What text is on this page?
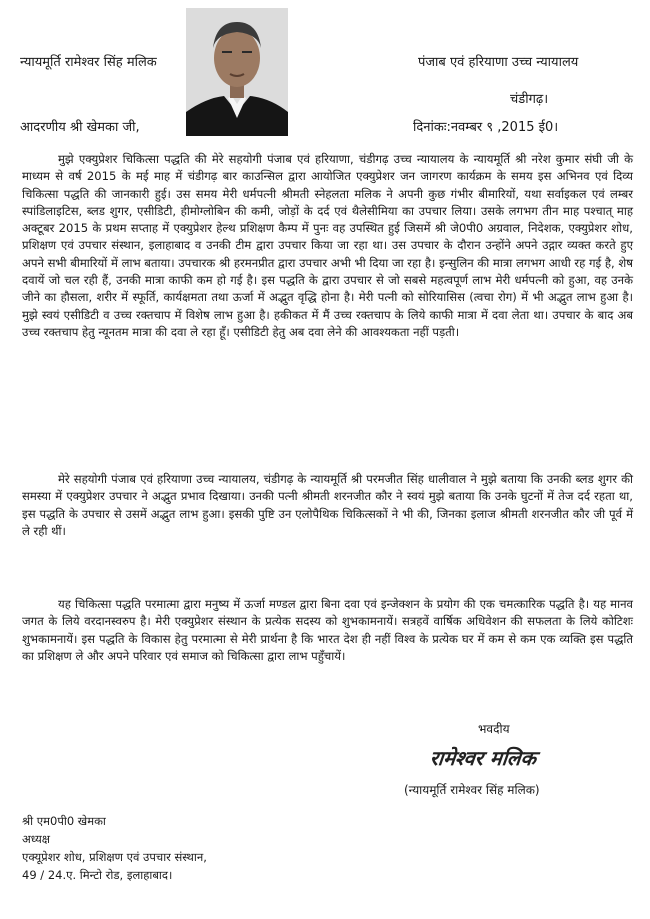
न्यायमूर्ति रामेश्वर सिंह मलिक	पंजाब एवं हरियाणा उच्च न्यायालय
चंडीगढ़।
आदरणीय श्री खेमका जी,	दिनांकः:नवम्बर ९ ,2015 ई0।
मुझे एक्युप्रेशर चिकित्सा पद्धति की मेरे सहयोगी पंजाब एवं हरियाणा, चंडीगढ़ उच्च न्यायालय के न्यायमूर्ति श्री नरेश कुमार संघी जी के माध्यम से वर्ष 2015 के मई माह में चंडीगढ़ बार काउन्सिल द्वारा आयोजित एक्युप्रेशर जन जागरण कार्यक्रम के समय इस अभिनव एवं दिव्य चिकित्सा पद्धति की जानकारी हुई। उस समय मेरी धर्मपत्नी श्रीमती स्नेहलता मलिक ने अपनी कुछ गंभीर बीमारियों, यथा सर्वाइकल एवं लम्बर स्पांडिलाइटिस, ब्लड शुगर, एसीडिटी, हीमोग्लोबिन की कमी, जोड़ों के दर्द एवं थैलेसीमिया का उपचार लिया। उसके लगभग तीन माह पश्चात् माह अक्टूबर 2015 के प्रथम सप्ताह में एक्युप्रेशर हेल्थ प्रशिक्षण कैम्प में पुनः वह उपस्थित हुई जिसमें श्री जे0पी0 अग्रवाल, निदेशक, एक्युप्रेशर शोध, प्रशिक्षण एवं उपचार संस्थान, इलाहाबाद व उनकी टीम द्वारा उपचार किया जा रहा था। उस उपचार के दौरान उन्होंने अपने उद्गार व्यक्त करते हुए अपने सभी बीमारियों में लाभ बताया। उपचारक श्री हरमनप्रीत द्वारा उपचार अभी भी दिया जा रहा है। इन्सुलिन की मात्रा लगभग आधी रह गई है, शेष दवायें जो चल रही हैं, उनकी मात्रा काफी कम हो गई है। इस पद्धति के द्वारा उपचार से जो सबसे महत्वपूर्ण लाभ मेरी धर्मपत्नी को हुआ, वह उनके जीने का हौसला, शरीर में स्फूर्ति, कार्यक्षमता तथा ऊर्जा में अद्भुत वृद्धि होना है। मेरी पत्नी को सोरियासिस (त्वचा रोग) में भी अद्भुत लाभ हुआ है। मुझे स्वयं एसीडिटी व उच्च रक्तचाप में विशेष लाभ हुआ है। हकीकत में मैं उच्च रक्तचाप के लिये काफी मात्रा में दवा लेता था। उपचार के बाद अब उच्च रक्तचाप हेतु न्यूनतम मात्रा की दवा ले रहा हूँ। एसीडिटी हेतु अब दवा लेने की आवश्यकता नहीं पड़ती।
मेरे सहयोगी पंजाब एवं हरियाणा उच्च न्यायालय, चंडीगढ़ के न्यायमूर्ति श्री परमजीत सिंह धालीवाल ने मुझे बताया कि उनकी ब्लड शुगर की समस्या में एक्युप्रेशर उपचार ने अद्भुत प्रभाव दिखाया। उनकी पत्नी श्रीमती शरनजीत कौर ने स्वयं मुझे बताया कि उनके घुटनों में तेज दर्द रहता था, इस पद्धति के उपचार से उसमें अद्भुत लाभ हुआ। इसकी पुष्टि उन एलोपैथिक चिकित्सकों ने भी की, जिनका इलाज श्रीमती शरनजीत कौर जी पूर्व में ले रही थीं।
यह चिकित्सा पद्धति परमात्मा द्वारा मनुष्य में ऊर्जा मण्डल द्वारा बिना दवा एवं इन्जेक्शन के प्रयोग की एक चमत्कारिक पद्धति है। यह मानव जगत के लिये वरदानस्वरुप है। मेरी एक्युप्रेशर संस्थान के प्रत्येक सदस्य को शुभकामनायें। सत्रहवें वार्षिक अधिवेशन की सफलता के लिये कोटिशः शुभकामनायें। इस पद्धति के विकास हेतु परमात्मा से मेरी प्रार्थना है कि भारत देश ही नहीं विश्व के प्रत्येक घर में कम से कम एक व्यक्ति इस पद्धति का प्रशिक्षण ले और अपने परिवार एवं समाज को चिकित्सा द्वारा लाभ पहुँचायें।
भवदीय
रामेश्वर मलिक
(न्यायमूर्ति रामेश्वर सिंह मलिक)
श्री एम0पी0 खेमका
अध्यक्ष
एक्यूप्रेशर शोध, प्रशिक्षण एवं उपचार संस्थान,
49 / 24.ए. मिन्टो रोड, इलाहाबाद।
